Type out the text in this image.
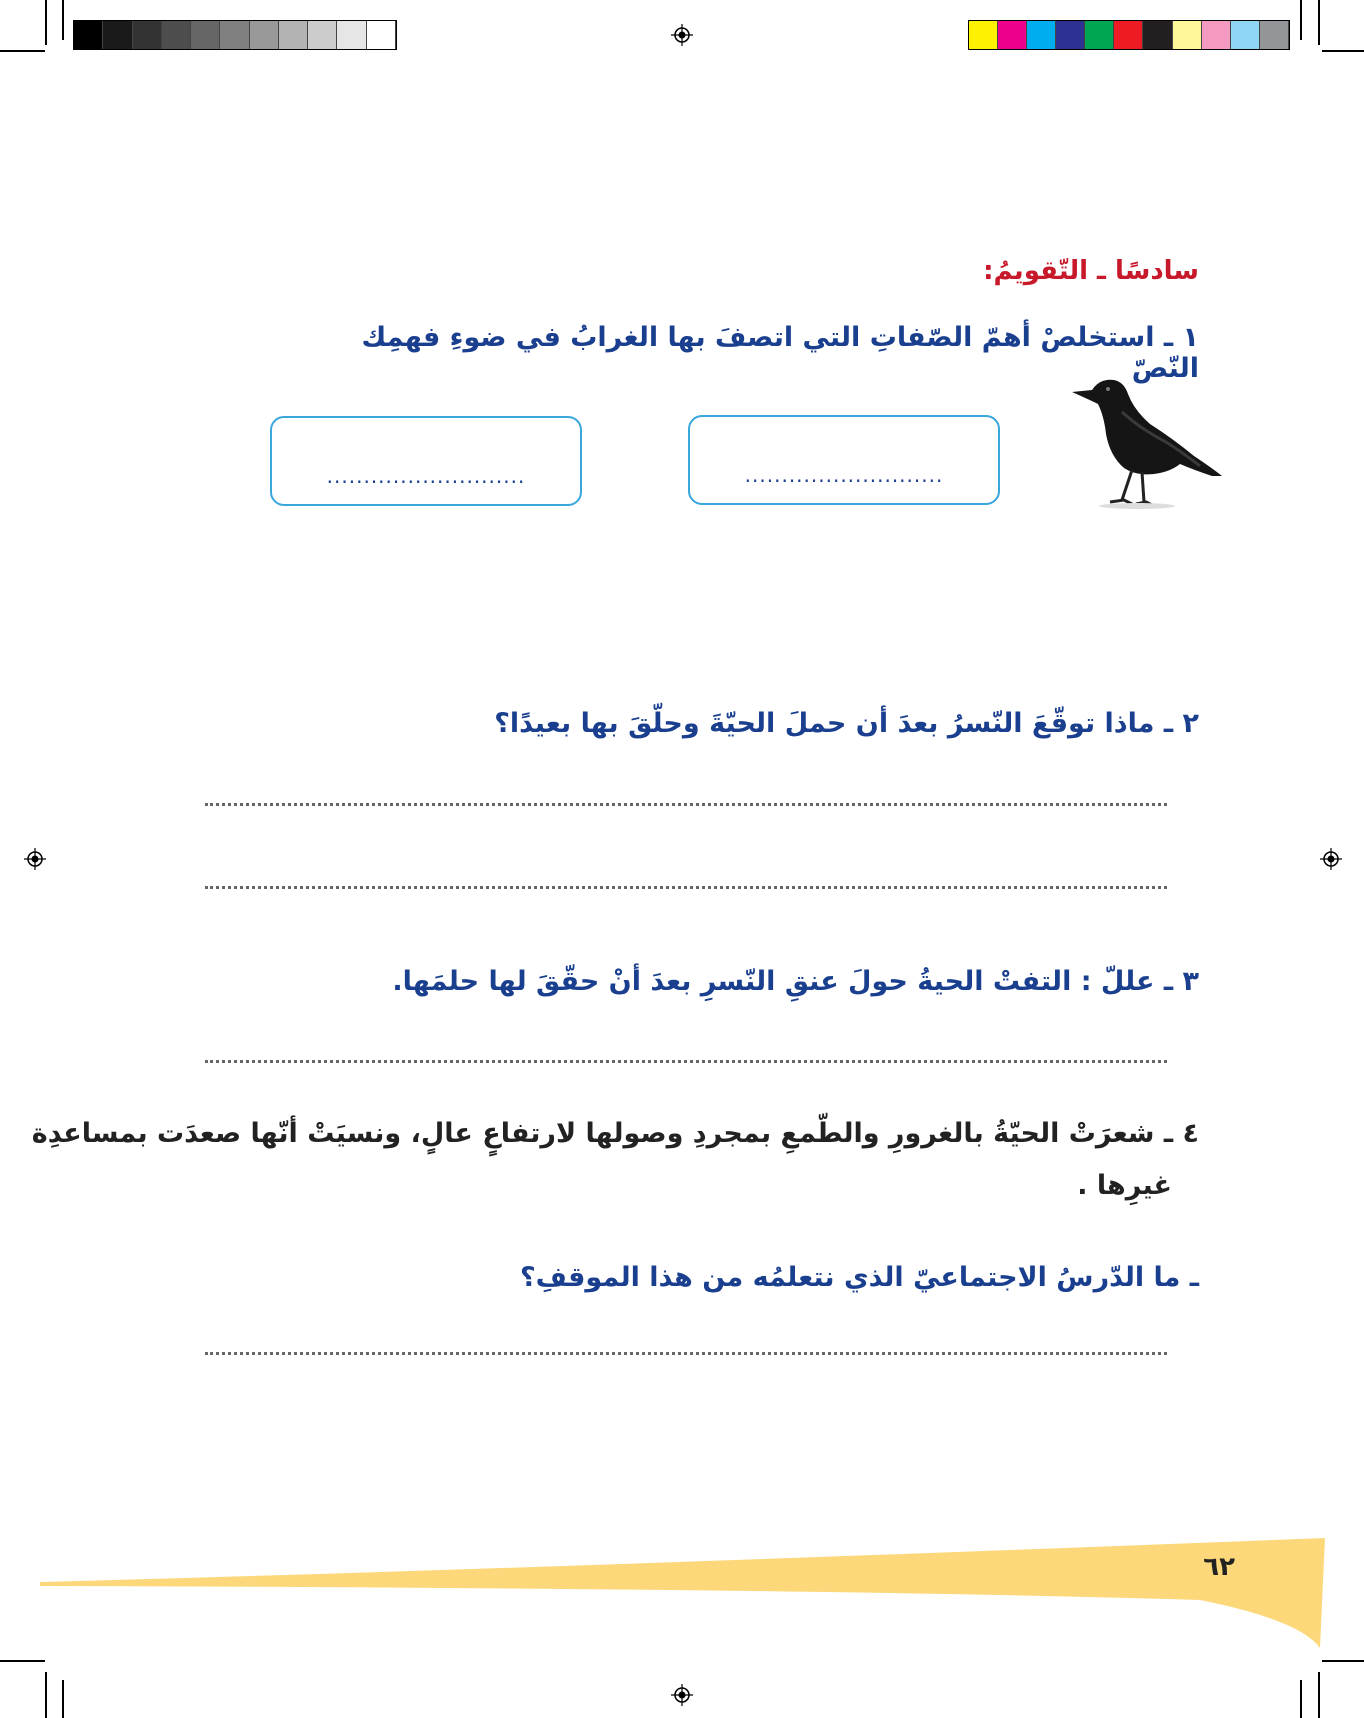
سادسًا ـ التّقويمُ:
١ ـ استخلصْ أهمّ الصّفاتِ التي اتصفَ بها الغرابُ في ضوءِ فهمِك النّصّ
...........................
...........................
٢ ـ ماذا توقّعَ النّسرُ بعدَ أن حملَ الحيّةَ وحلّقَ بها بعيدًا؟
٣ ـ عللّ : التفتْ الحيةُ حولَ عنقِ النّسرِ بعدَ أنْ حقّقَ لها حلمَها.
٤ ـ شعرَتْ الحيّةُ بالغرورِ والطّمعِ بمجردِ وصولها لارتفاعٍ عالٍ، ونسيَتْ أنّها صعدَت بمساعدِة
غيرِها .
ـ ما الدّرسُ الاجتماعيّ الذي نتعلمُه من هذا الموقفِ؟
٦٢
